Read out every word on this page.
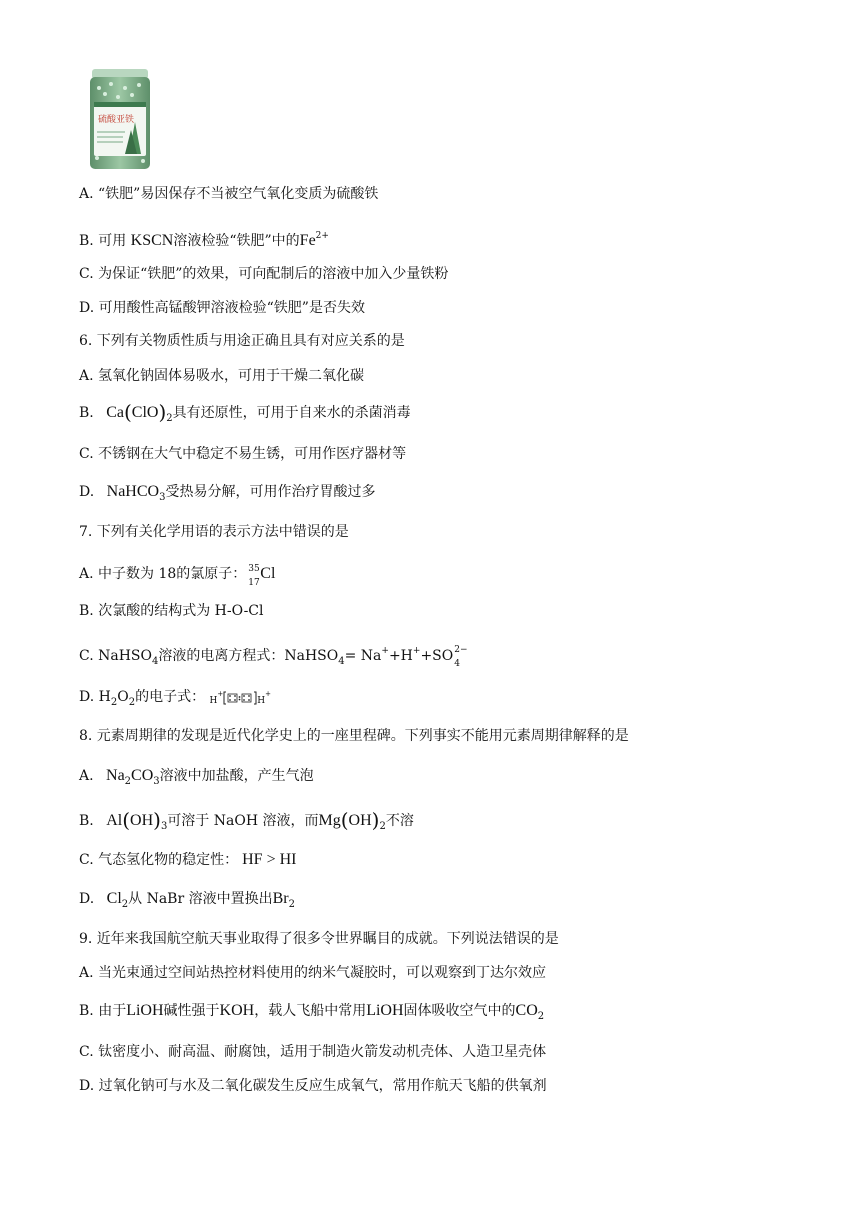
硫酸亚铁
A. “铁肥”易因保存不当被空气氧化变质为硫酸铁
B. 可用 KSCN溶液检验“铁肥”中的$Fe^{2+}$
C. 为保证“铁肥”的效果，可向配制后的溶液中加入少量铁粉
D. 可用酸性高锰酸钾溶液检验“铁肥”是否失效
6. 下列有关物质性质与用途正确且具有对应关系的是
A. 氢氧化钠固体易吸水，可用于干燥二氧化碳
B. $Ca(ClO)_2$具有还原性，可用于自来水的杀菌消毒
C. 不锈钢在大气中稳定不易生锈，可用作医疗器材等
D. NaHCO$_3$受热易分解，可用作治疗胃酸过多
7. 下列有关化学用语的表示方法中错误的是
A. 中子数为 18的氯原子： 35
17
Cl
B. 次氯酸的结构式为 H-O-Cl
C. NaHSO$_4$溶液的电离方程式：NaHSO$_4$= Na++H++SO 2−
4
D. $H_2O_2$的电子式： H+H+
8. 元素周期律的发现是近代化学史上的一座里程碑。下列事实不能用元素周期律解释的是
A. $Na_2CO_3$溶液中加盐酸，产生气泡
B. $Al(OH)_3$可溶于 NaOH 溶液，而$Mg(OH)_2$不溶
C. 气态氢化物的稳定性： HF > HI
D. $Cl_2$从 NaBr 溶液中置换出$Br_2$
9. 近年来我国航空航天事业取得了很多令世界瞩目的成就。下列说法错误的是
A. 当光束通过空间站热控材料使用的纳米气凝胶时，可以观察到丁达尔效应
B. 由于LiOH碱性强于KOH，载人飞船中常用LiOH固体吸收空气中的$CO_2$
C. 钛密度小、耐高温、耐腐蚀，适用于制造火箭发动机壳体、人造卫星壳体
D. 过氧化钠可与水及二氧化碳发生反应生成氧气，常用作航天飞船的供氧剂
